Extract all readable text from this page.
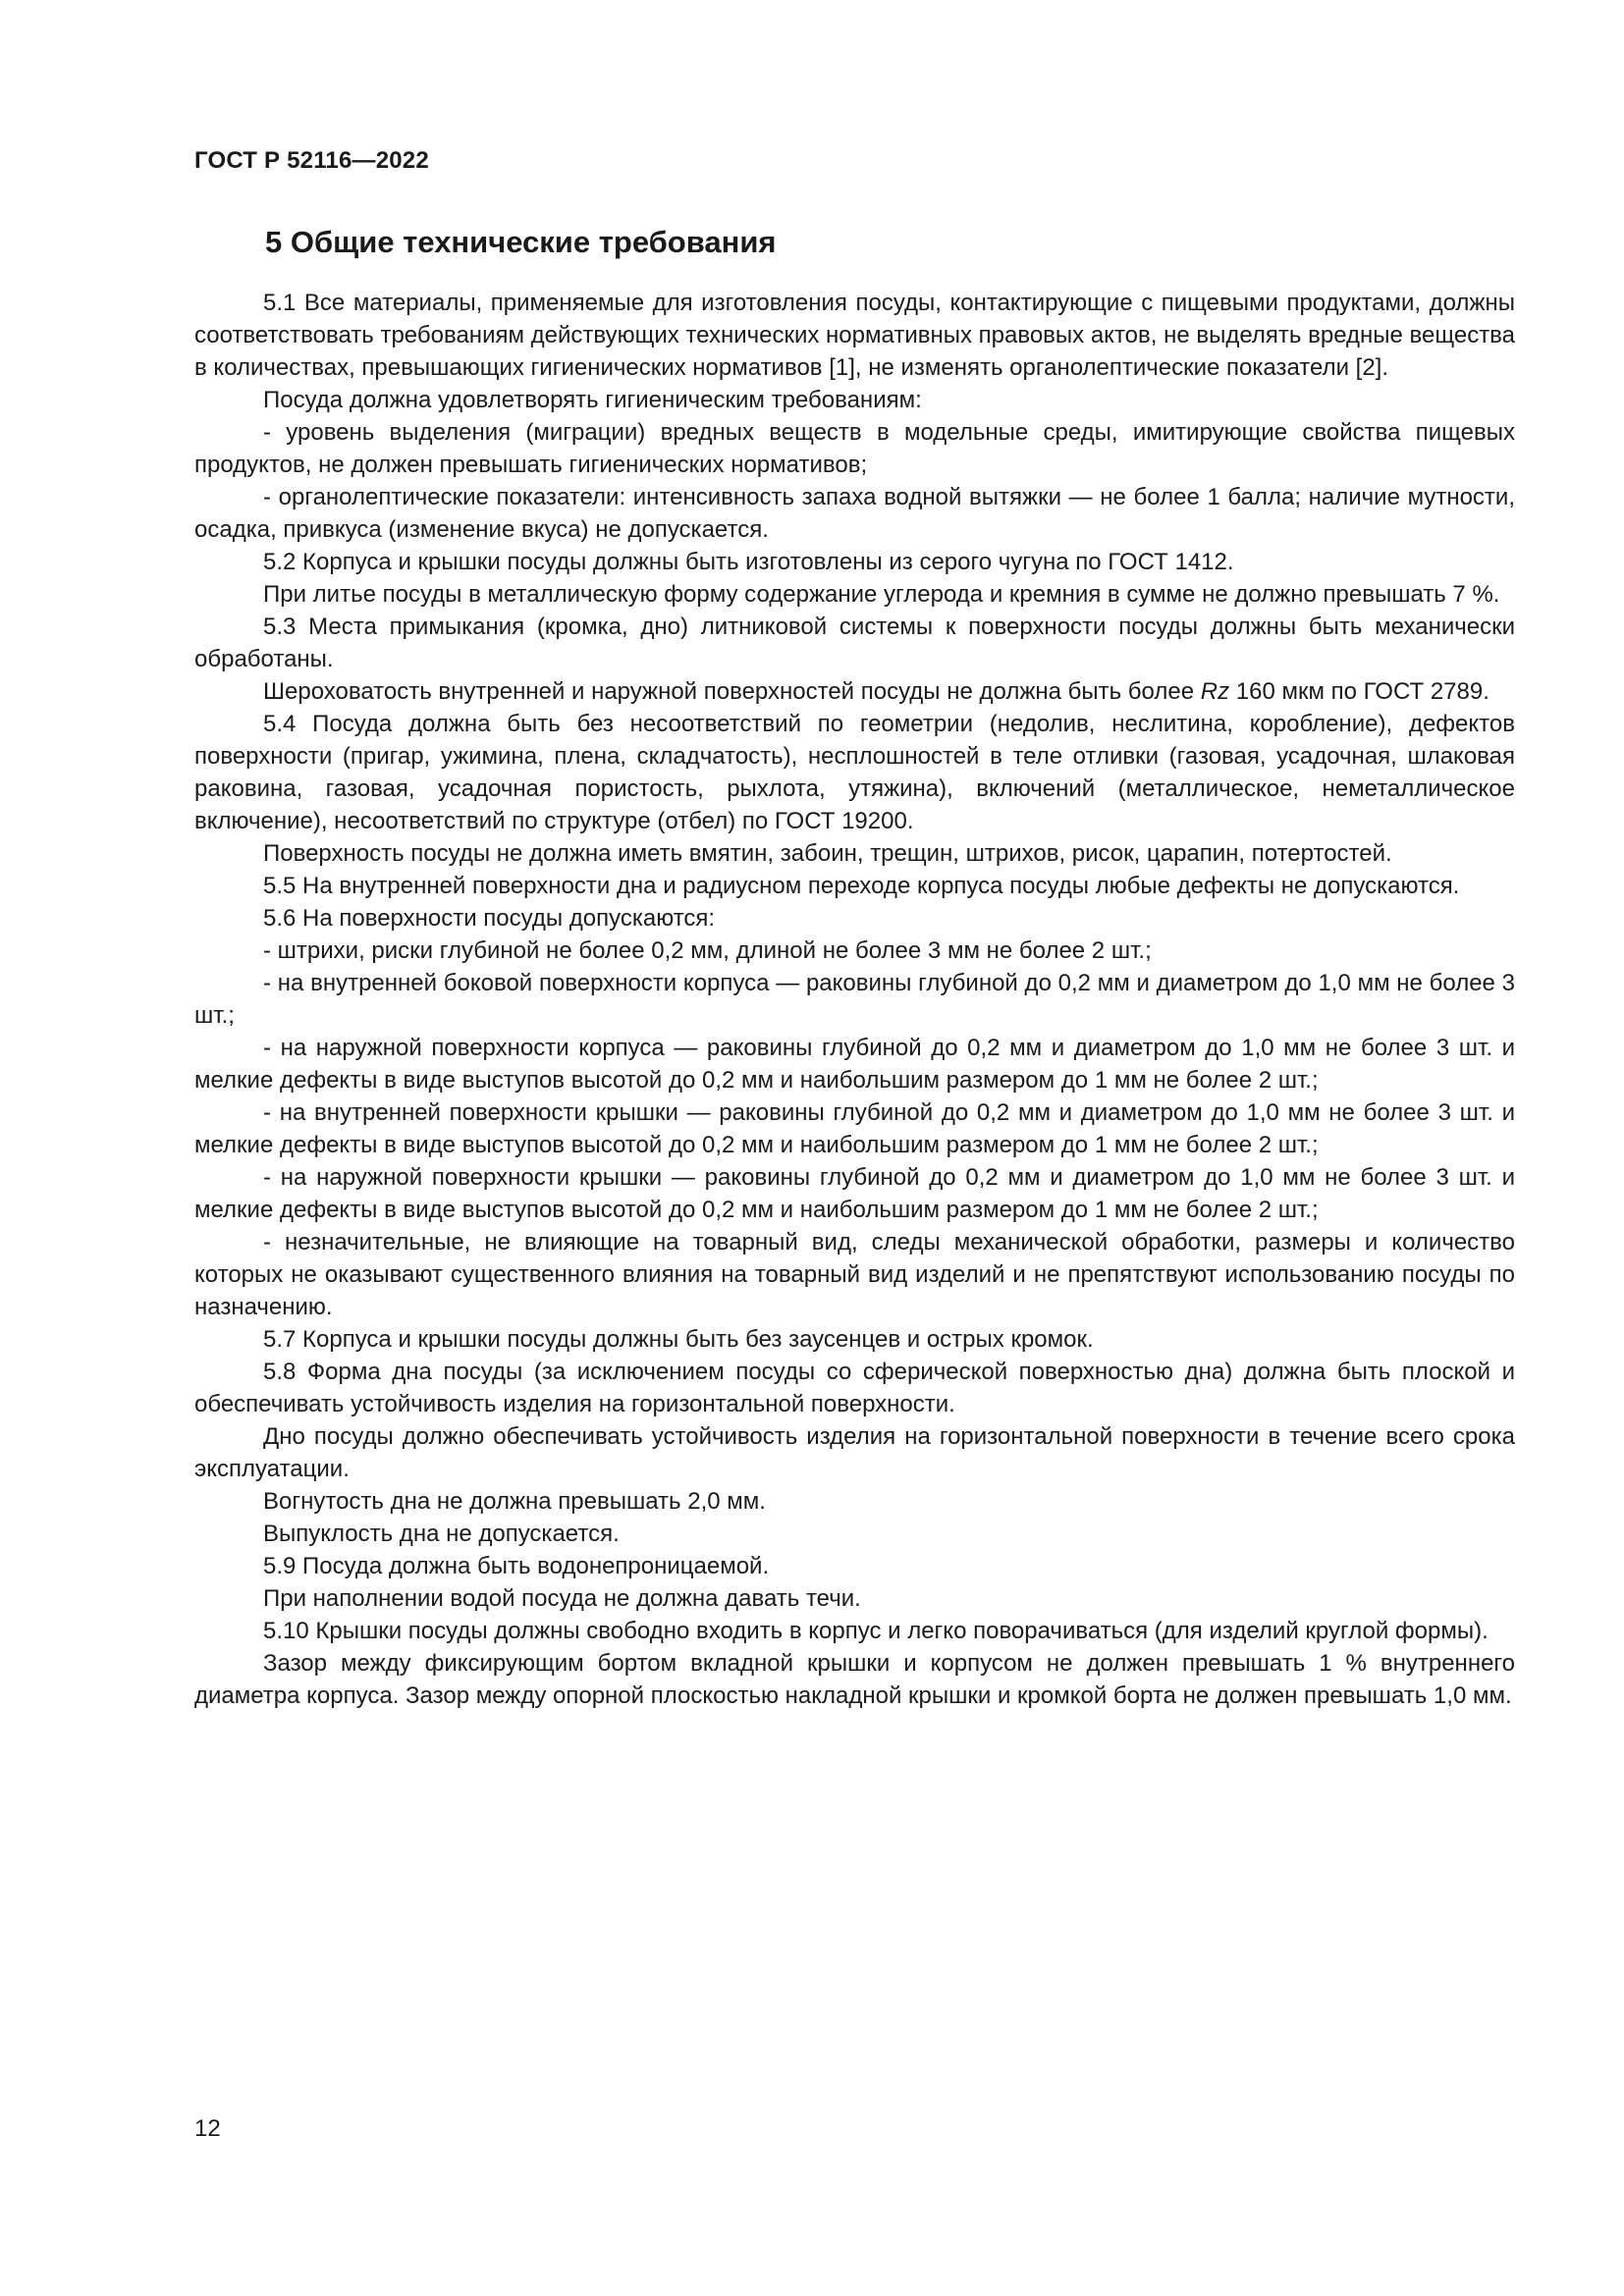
ГОСТ Р 52116—2022
5 Общие технические требования

5.1 Все материалы, применяемые для изготовления посуды, контактирующие с пищевыми продуктами, должны соответствовать требованиям действующих технических нормативных правовых актов, не выделять вредные вещества в количествах, превышающих гигиенических нормативов [1], не изменять органолептические показатели [2].

Посуда должна удовлетворять гигиеническим требованиям:

- уровень выделения (миграции) вредных веществ в модельные среды, имитирующие свойства пищевых продуктов, не должен превышать гигиенических нормативов;

- органолептические показатели: интенсивность запаха водной вытяжки — не более 1 балла; наличие мутности, осадка, привкуса (изменение вкуса) не допускается.

5.2 Корпуса и крышки посуды должны быть изготовлены из серого чугуна по ГОСТ 1412.

При литье посуды в металлическую форму содержание углерода и кремния в сумме не должно превышать 7 %.

5.3 Места примыкания (кромка, дно) литниковой системы к поверхности посуды должны быть механически обработаны.

Шероховатость внутренней и наружной поверхностей посуды не должна быть более Rz 160 мкм по ГОСТ 2789.

5.4 Посуда должна быть без несоответствий по геометрии (недолив, неслитина, коробление), дефектов поверхности (пригар, ужимина, плена, складчатость), несплошностей в теле отливки (газовая, усадочная, шлаковая раковина, газовая, усадочная пористость, рыхлота, утяжина), включений (металлическое, неметаллическое включение), несоответствий по структуре (отбел) по ГОСТ 19200.

Поверхность посуды не должна иметь вмятин, забоин, трещин, штрихов, рисок, царапин, потертостей.

5.5 На внутренней поверхности дна и радиусном переходе корпуса посуды любые дефекты не допускаются.

5.6 На поверхности посуды допускаются:

- штрихи, риски глубиной не более 0,2 мм, длиной не более 3 мм не более 2 шт.;

- на внутренней боковой поверхности корпуса — раковины глубиной до 0,2 мм и диаметром до 1,0 мм не более 3 шт.;

- на наружной поверхности корпуса — раковины глубиной до 0,2 мм и диаметром до 1,0 мм не более 3 шт. и мелкие дефекты в виде выступов высотой до 0,2 мм и наибольшим размером до 1 мм не более 2 шт.;

- на внутренней поверхности крышки — раковины глубиной до 0,2 мм и диаметром до 1,0 мм не более 3 шт. и мелкие дефекты в виде выступов высотой до 0,2 мм и наибольшим размером до 1 мм не более 2 шт.;

- на наружной поверхности крышки — раковины глубиной до 0,2 мм и диаметром до 1,0 мм не более 3 шт. и мелкие дефекты в виде выступов высотой до 0,2 мм и наибольшим размером до 1 мм не более 2 шт.;

- незначительные, не влияющие на товарный вид, следы механической обработки, размеры и количество которых не оказывают существенного влияния на товарный вид изделий и не препятствуют использованию посуды по назначению.

5.7 Корпуса и крышки посуды должны быть без заусенцев и острых кромок.

5.8 Форма дна посуды (за исключением посуды со сферической поверхностью дна) должна быть плоской и обеспечивать устойчивость изделия на горизонтальной поверхности.

Дно посуды должно обеспечивать устойчивость изделия на горизонтальной поверхности в течение всего срока эксплуатации.

Вогнутость дна не должна превышать 2,0 мм.

Выпуклость дна не допускается.

5.9 Посуда должна быть водонепроницаемой.

При наполнении водой посуда не должна давать течи.

5.10 Крышки посуды должны свободно входить в корпус и легко поворачиваться (для изделий круглой формы).

Зазор между фиксирующим бортом вкладной крышки и корпусом не должен превышать 1 % внутреннего диаметра корпуса. Зазор между опорной плоскостью накладной крышки и кромкой борта не должен превышать 1,0 мм.

12
